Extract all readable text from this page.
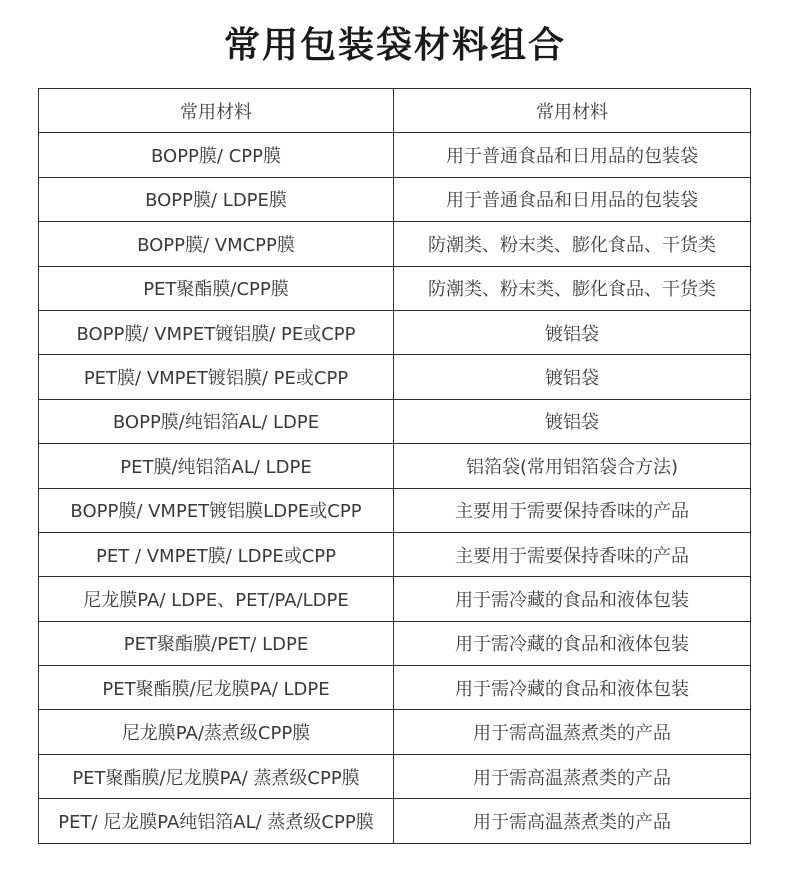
常用包装袋材料组合
常用材料	常用材料
BOPP膜/ CPP膜	用于普通食品和日用品的包装袋
BOPP膜/ LDPE膜	用于普通食品和日用品的包装袋
BOPP膜/ VMCPP膜	防潮类、粉末类、膨化食品、干货类
PET聚酯膜/CPP膜	防潮类、粉末类、膨化食品、干货类
BOPP膜/ VMPET镀铝膜/ PE或CPP	镀铝袋
PET膜/ VMPET镀铝膜/ PE或CPP	镀铝袋
BOPP膜/纯铝箔AL/ LDPE	镀铝袋
PET膜/纯铝箔AL/ LDPE	铝箔袋(常用铝箔袋合方法)
BOPP膜/ VMPET镀铝膜LDPE或CPP	主要用于需要保持香味的产品
PET / VMPET膜/ LDPE或CPP	主要用于需要保持香味的产品
尼龙膜PA/ LDPE、PET/PA/LDPE	用于需冷藏的食品和液体包装
PET聚酯膜/PET/ LDPE	用于需冷藏的食品和液体包装
PET聚酯膜/尼龙膜PA/ LDPE	用于需冷藏的食品和液体包装
尼龙膜PA/蒸煮级CPP膜	用于需高温蒸煮类的产品
PET聚酯膜/尼龙膜PA/ 蒸煮级CPP膜	用于需高温蒸煮类的产品
PET/ 尼龙膜PA纯铝箔AL/ 蒸煮级CPP膜	用于需高温蒸煮类的产品
